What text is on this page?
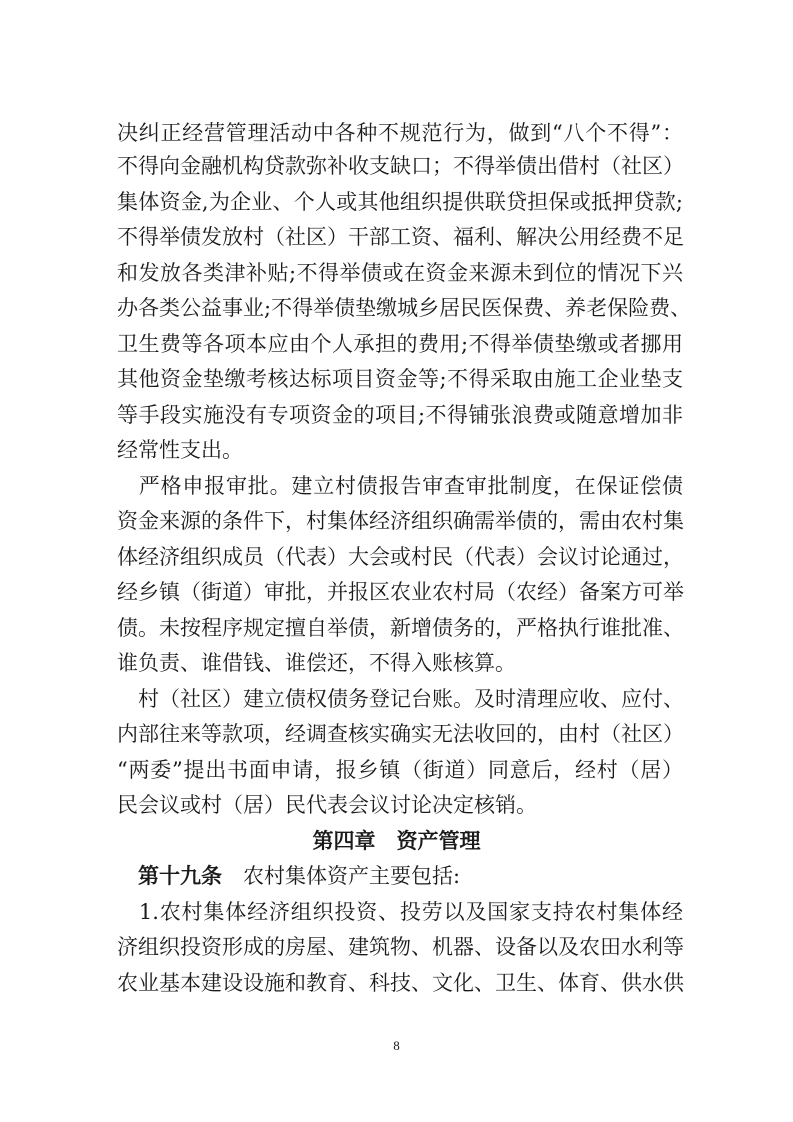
决纠正经营管理活动中各种不规范行为，做到“八个不得”：
不得向金融机构贷款弥补收支缺口；不得举债出借村（社区）
集体资金,为企业、个人或其他组织提供联贷担保或抵押贷款;
不得举债发放村（社区）干部工资、福利、解决公用经费不足
和发放各类津补贴;不得举债或在资金来源未到位的情况下兴
办各类公益事业;不得举债垫缴城乡居民医保费、养老保险费、
卫生费等各项本应由个人承担的费用;不得举债垫缴或者挪用
其他资金垫缴考核达标项目资金等;不得采取由施工企业垫支
等手段实施没有专项资金的项目;不得铺张浪费或随意增加非
经常性支出。
　严格申报审批。建立村债报告审查审批制度，在保证偿债
资金来源的条件下，村集体经济组织确需举债的，需由农村集
体经济组织成员（代表）大会或村民（代表）会议讨论通过，
经乡镇（街道）审批，并报区农业农村局（农经）备案方可举
债。未按程序规定擅自举债，新增债务的，严格执行谁批准、
谁负责、谁借钱、谁偿还，不得入账核算。
　村（社区）建立债权债务登记台账。及时清理应收、应付、
内部往来等款项，经调查核实确实无法收回的，由村（社区）
“两委”提出书面申请，报乡镇（街道）同意后，经村（居）
民会议或村（居）民代表会议讨论决定核销。
第四章　资产管理
　第十九条　农村集体资产主要包括:
　1.农村集体经济组织投资、投劳以及国家支持农村集体经
济组织投资形成的房屋、建筑物、机器、设备以及农田水利等
农业基本建设设施和教育、科技、文化、卫生、体育、供水供
8
